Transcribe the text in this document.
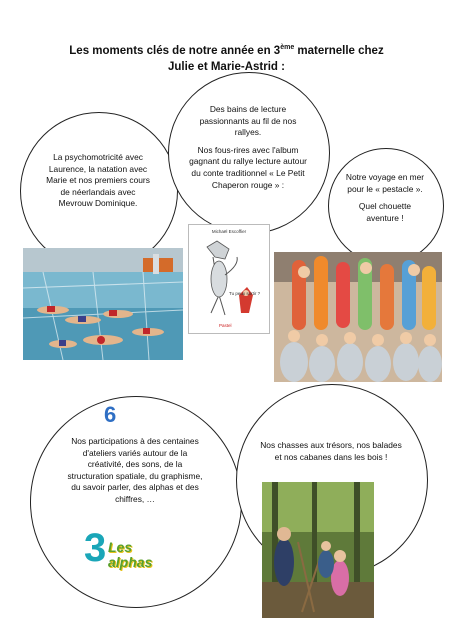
Les moments clés de notre année en 3ème maternelle chez
Julie et Marie-Astrid :
La psychomotricité avec Laurence, la natation avec Marie et nos premiers cours de néerlandais avec Mevrouw Dominique.

Des bains de lecture passionnants au fil de nos rallyes.

Nos fous-rires avec l'album gagnant du rallye lecture autour du conte traditionnel « Le Petit Chaperon rouge » :

Notre voyage en mer pour le « pestacle ».

Quel chouette aventure !

Nos participations à des centaines d'ateliers variés autour de la créativité, des sons, de la structuration spatiale, du graphisme, du savoir parler, des alphas et des chiffres, …
Nos chasses aux trésors, nos balades et nos cabanes dans les bois !
Michaël Escoffier
Tu peux sortir ?
Pastel
6
3 Les alphas
